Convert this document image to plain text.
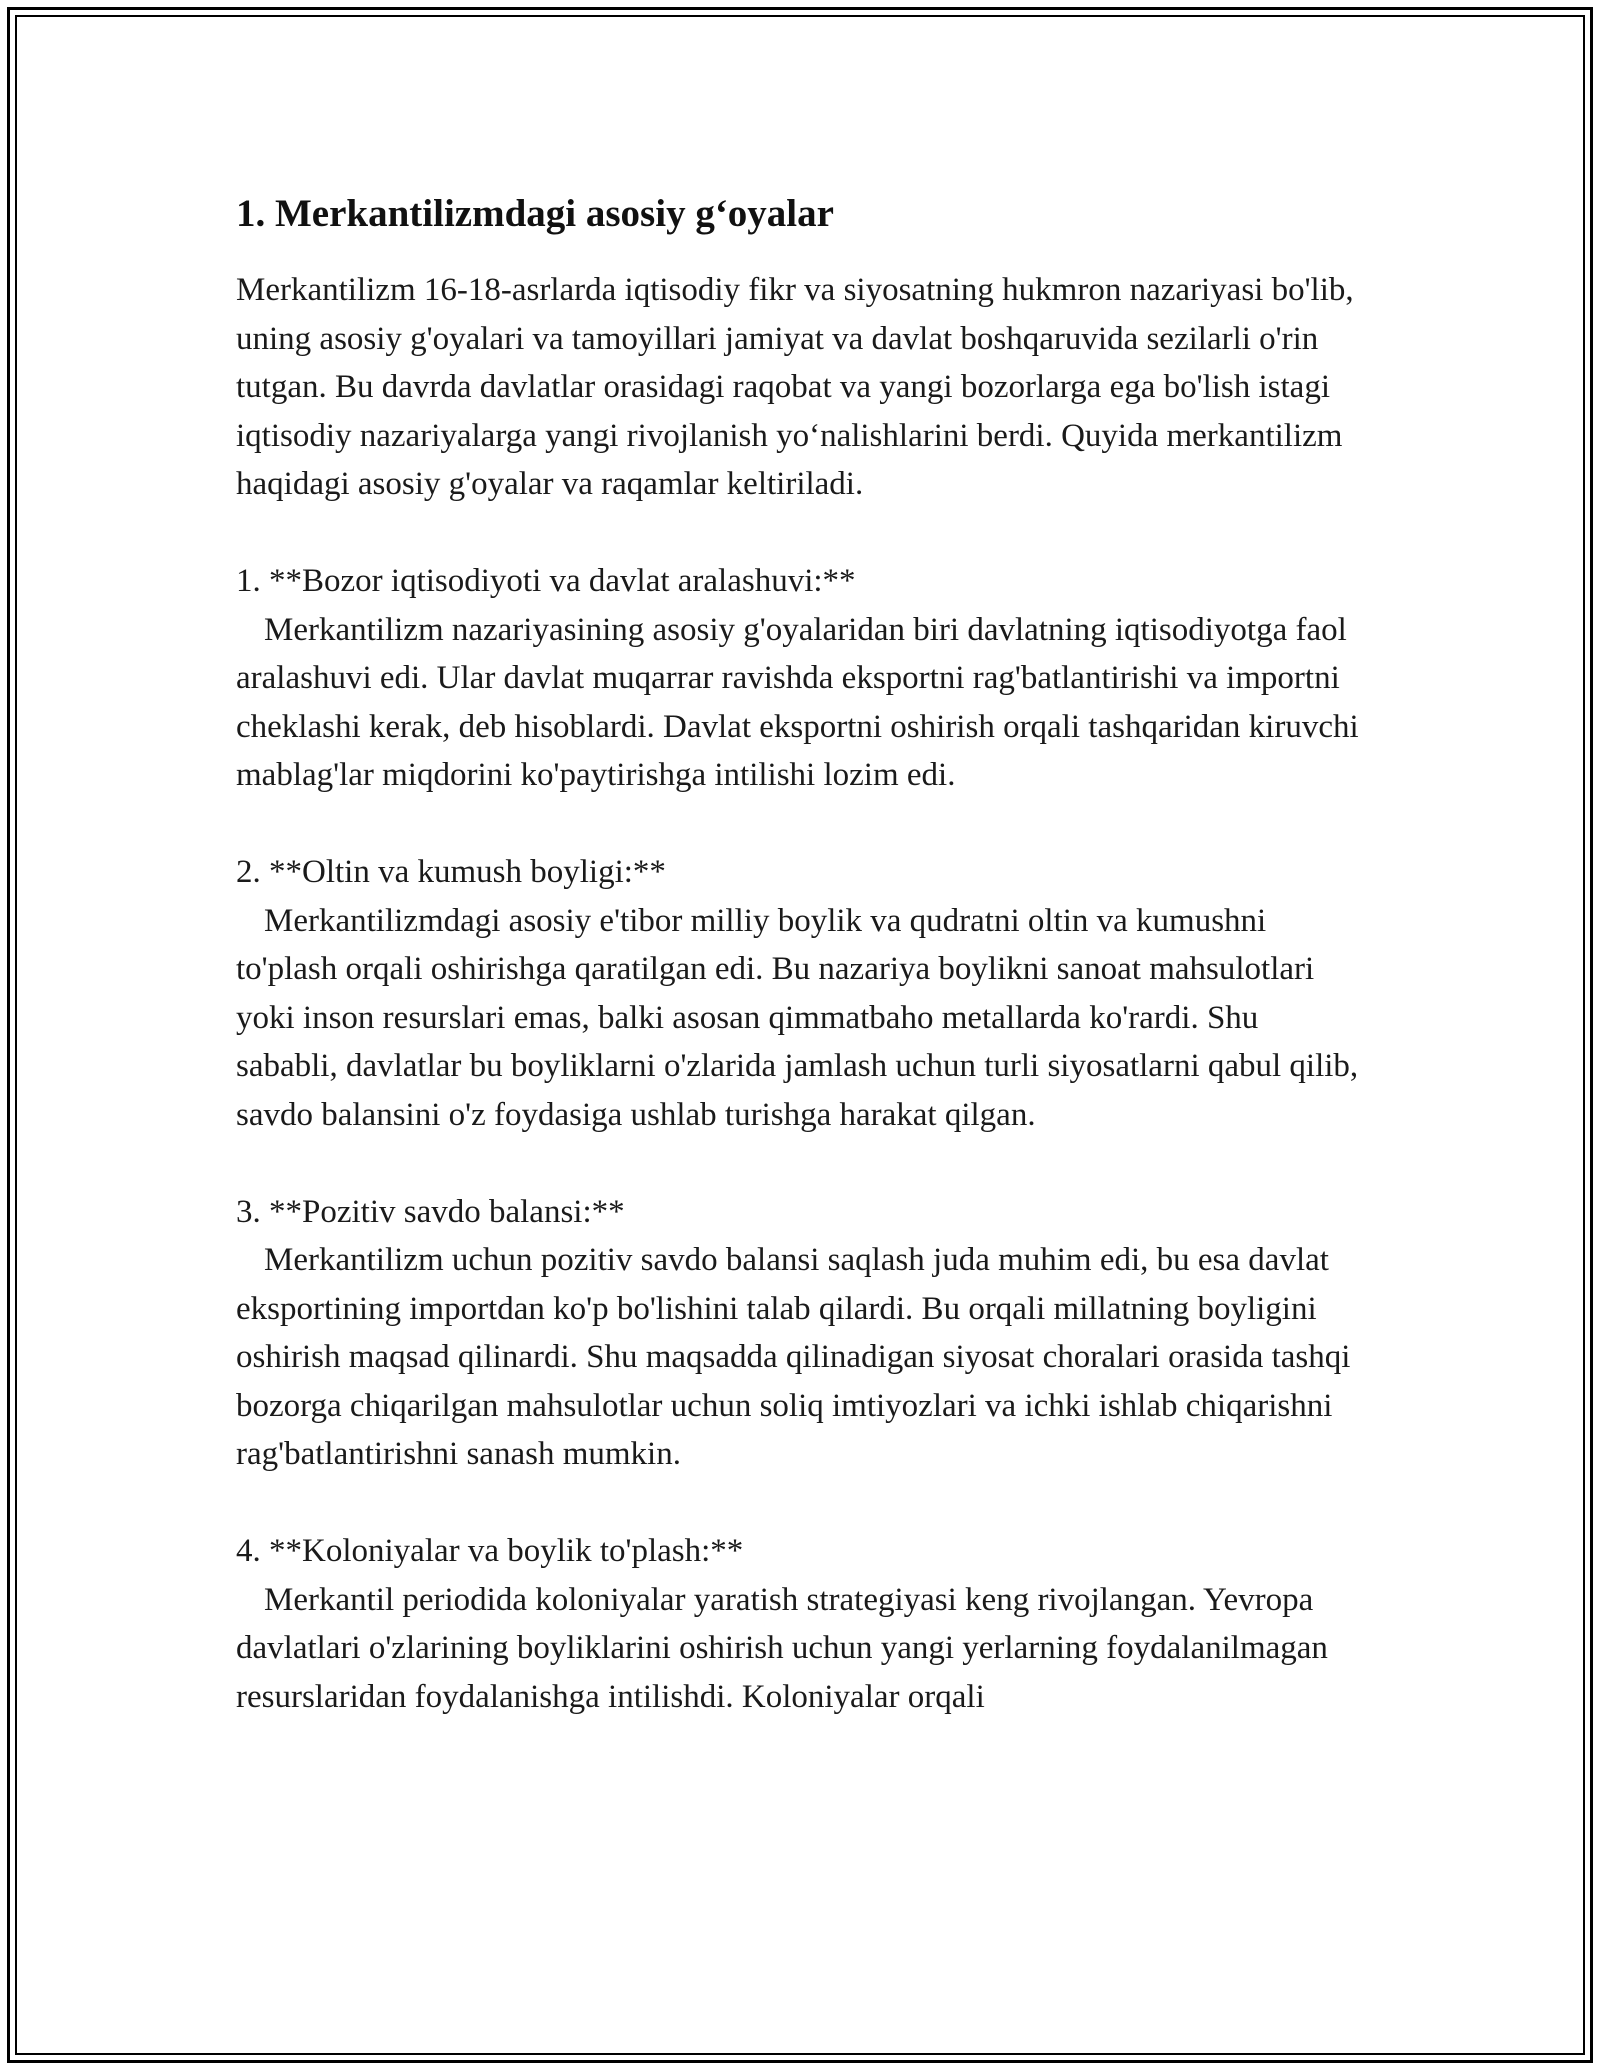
1. Merkantilizmdagi asosiy g‘oyalar

Merkantilizm 16-18-asrlarda iqtisodiy fikr va siyosatning hukmron nazariyasi bo'lib, uning asosiy g'oyalari va tamoyillari jamiyat va davlat boshqaruvida sezilarli o'rin tutgan. Bu davrda davlatlar orasidagi raqobat va yangi bozorlarga ega bo'lish istagi iqtisodiy nazariyalarga yangi rivojlanish yo‘nalishlarini berdi. Quyida merkantilizm haqidagi asosiy g'oyalar va raqamlar keltiriladi.

1. **Bozor iqtisodiyoti va davlat aralashuvi:**

Merkantilizm nazariyasining asosiy g'oyalaridan biri davlatning iqtisodiyotga faol aralashuvi edi. Ular davlat muqarrar ravishda eksportni rag'batlantirishi va importni cheklashi kerak, deb hisoblardi. Davlat eksportni oshirish orqali tashqaridan kiruvchi mablag'lar miqdorini ko'paytirishga intilishi lozim edi.

2. **Oltin va kumush boyligi:**

Merkantilizmdagi asosiy e'tibor milliy boylik va qudratni oltin va kumushni to'plash orqali oshirishga qaratilgan edi. Bu nazariya boylikni sanoat mahsulotlari yoki inson resurslari emas, balki asosan qimmatbaho metallarda ko'rardi. Shu sababli, davlatlar bu boyliklarni o'zlarida jamlash uchun turli siyosatlarni qabul qilib, savdo balansini o'z foydasiga ushlab turishga harakat qilgan.

3. **Pozitiv savdo balansi:**

Merkantilizm uchun pozitiv savdo balansi saqlash juda muhim edi, bu esa davlat eksportining importdan ko'p bo'lishini talab qilardi. Bu orqali millatning boyligini oshirish maqsad qilinardi. Shu maqsadda qilinadigan siyosat choralari orasida tashqi bozorga chiqarilgan mahsulotlar uchun soliq imtiyozlari va ichki ishlab chiqarishni rag'batlantirishni sanash mumkin.

4. **Koloniyalar va boylik to'plash:**

Merkantil periodida koloniyalar yaratish strategiyasi keng rivojlangan. Yevropa davlatlari o'zlarining boyliklarini oshirish uchun yangi yerlarning foydalanilmagan resurslaridan foydalanishga intilishdi. Koloniyalar orqali
